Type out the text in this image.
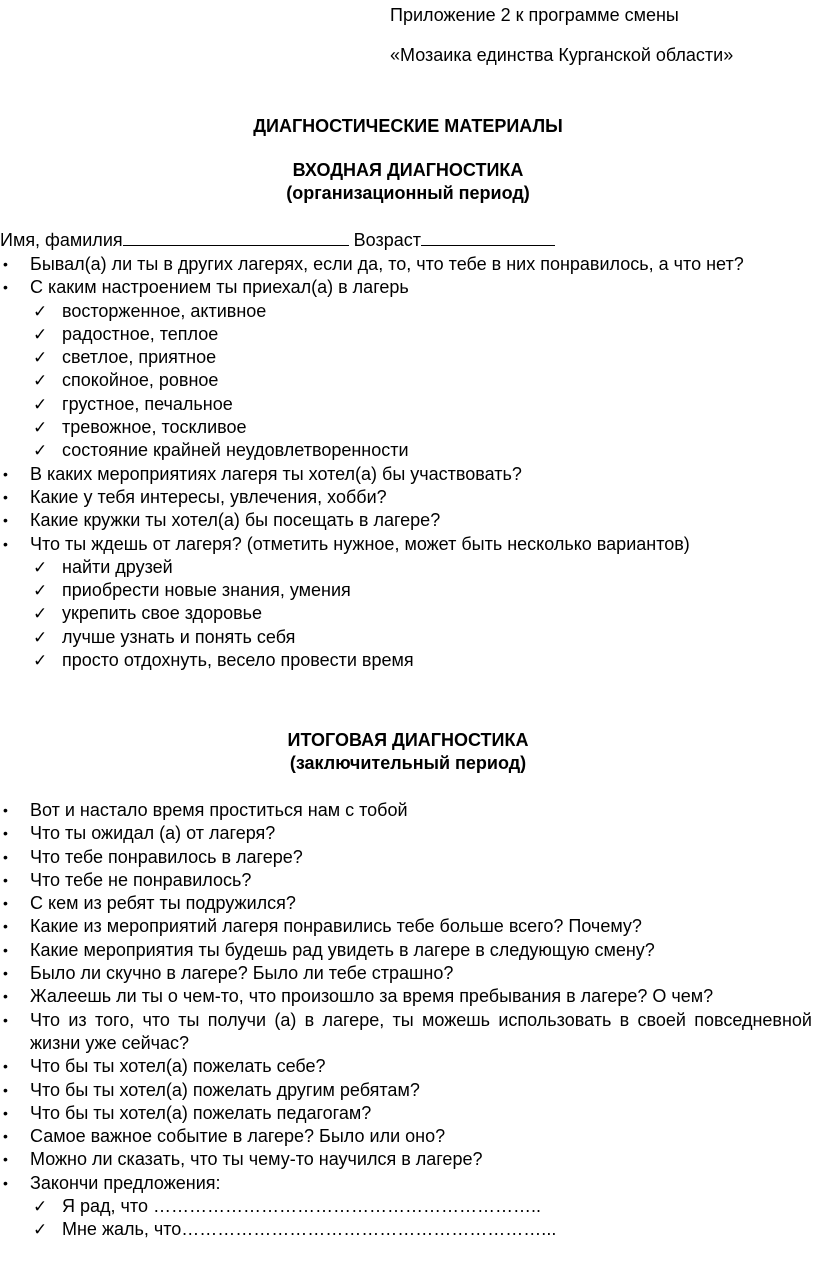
Приложение 2 к программе смены
«Мозаика единства Курганской области»
ДИАГНОСТИЧЕСКИЕ МАТЕРИАЛЫ
ВХОДНАЯ ДИАГНОСТИКА
(организационный период)
Имя, фамилия	Возраст
• Бывал(а) ли ты в других лагерях, если да, то, что тебе в них понравилось, а что нет?
• С каким настроением ты приехал(а) в лагерь
✓ восторженное, активное
✓ радостное, теплое
✓ светлое, приятное
✓ спокойное, ровное
✓ грустное, печальное
✓ тревожное, тоскливое
✓ состояние крайней неудовлетворенности
• В каких мероприятиях лагеря ты хотел(а) бы участвовать?
• Какие у тебя интересы, увлечения, хобби?
• Какие кружки ты хотел(а) бы посещать в лагере?
• Что ты ждешь от лагеря? (отметить нужное, может быть несколько вариантов)
✓ найти друзей
✓ приобрести новые знания, умения
✓ укрепить свое здоровье
✓ лучше узнать и понять себя
✓ просто отдохнуть, весело провести время
ИТОГОВАЯ ДИАГНОСТИКА
(заключительный период)
• Вот и настало время проститься нам с тобой
• Что ты ожидал (а) от лагеря?
• Что тебе понравилось в лагере?
• Что тебе не понравилось?
• С кем из ребят ты подружился?
• Какие из мероприятий лагеря понравились тебе больше всего? Почему?
• Какие мероприятия ты будешь рад увидеть в лагере в следующую смену?
• Было ли скучно в лагере? Было ли тебе страшно?
• Жалеешь ли ты о чем-то, что произошло за время пребывания в лагере? О чем?
• Что из того, что ты получи (а) в лагере, ты можешь использовать в своей повседневной жизни уже сейчас?
• Что бы ты хотел(а) пожелать себе?
• Что бы ты хотел(а) пожелать другим ребятам?
• Что бы ты хотел(а) пожелать педагогам?
• Самое важное событие в лагере? Было или оно?
• Можно ли сказать, что ты чему-то научился в лагере?
• Закончи предложения:
✓ Я рад, что ………………………………………………………..
✓ Мне жаль, что……………………………………………………...
